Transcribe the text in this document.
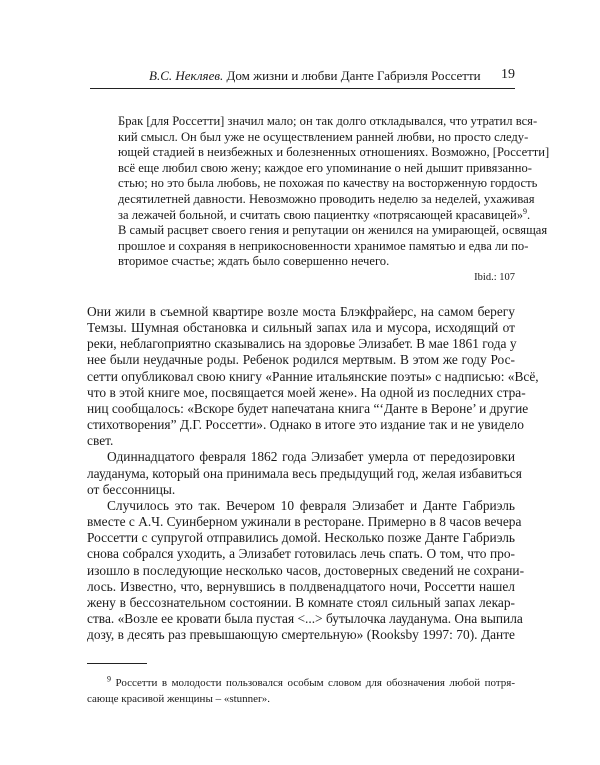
В.С. Некляев. Дом жизни и любви Данте Габриэля Россетти 19
Брак [для Россетти] значил мало; он так долго откладывался, что утратил вся-
кий смысл. Он был уже не осуществлением ранней любви, но просто следу-
ющей стадией в неизбежных и болезненных отношениях. Возможно, [Россетти]
всё еще любил свою жену; каждое его упоминание о ней дышит привязанно-
стью; но это была любовь, не похожая по качеству на восторженную гордость
десятилетней давности. Невозможно проводить неделю за неделей, ухаживая
за лежачей больной, и считать свою пациентку «потрясающей красавицей»$^9$.
В самый расцвет своего гения и репутации он женился на умирающей, освящая
прошлое и сохраняя в неприкосновенности хранимое памятью и едва ли по-
вторимое счастье; ждать было совершенно нечего.
Ibid.: 107
Они жили в съемной квартире возле моста Блэкфрайерс, на самом берегу
Темзы. Шумная обстановка и сильный запах ила и мусора, исходящий от
реки, неблагоприятно сказывались на здоровье Элизабет. В мае 1861 года у
нее были неудачные роды. Ребенок родился мертвым. В этом же году Рос-
сетти опубликовал свою книгу «Ранние итальянские поэты» с надписью: «Всё,
что в этой книге мое, посвящается моей жене». На одной из последних стра-
ниц сообщалось: «Вскоре будет напечатана книга “‘Данте в Вероне’ и другие
стихотворения” Д.Г. Россетти». Однако в итоге это издание так и не увидело
свет.
Одиннадцатого февраля 1862 года Элизабет умерла от передозировки
лауданума, который она принимала весь предыдущий год, желая избавиться
от бессонницы.
Случилось это так. Вечером 10 февраля Элизабет и Данте Габриэль
вместе с А.Ч. Суинберном ужинали в ресторане. Примерно в 8 часов вечера
Россетти с супругой отправились домой. Несколько позже Данте Габриэль
снова собрался уходить, а Элизабет готовилась лечь спать. О том, что про-
изошло в последующие несколько часов, достоверных сведений не сохрани-
лось. Известно, что, вернувшись в полдвенадцатого ночи, Россетти нашел
жену в бессознательном состоянии. В комнате стоял сильный запах лекар-
ства. «Возле ее кровати была пустая <...> бутылочка лауданума. Она выпила
дозу, в десять раз превышающую смертельную» (Rooksby 1997: 70). Данте
$^9$ Россетти в молодости пользовался особым словом для обозначения любой потря-
сающе красивой женщины – «stunner».
